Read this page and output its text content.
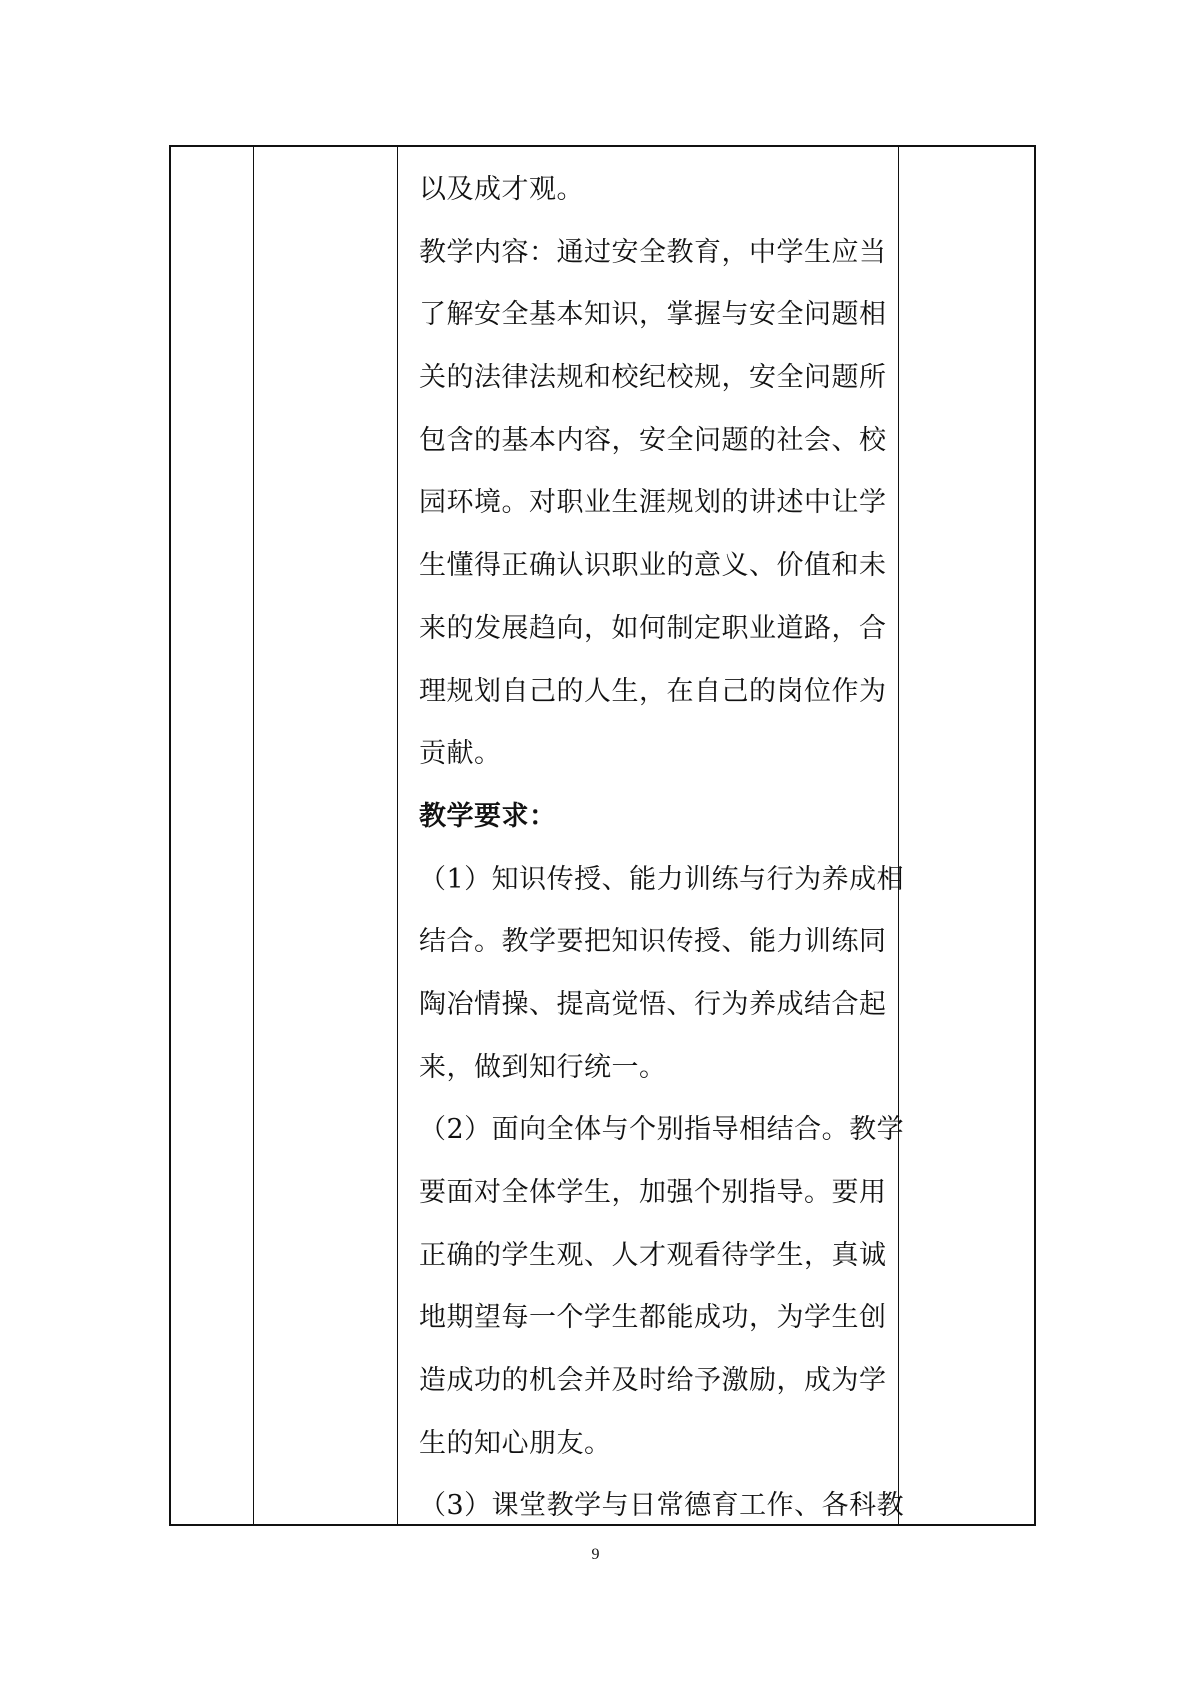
以及成才观。
教学内容：通过安全教育，中学生应当
了解安全基本知识，掌握与安全问题相
关的法律法规和校纪校规，安全问题所
包含的基本内容，安全问题的社会、校
园环境。对职业生涯规划的讲述中让学
生懂得正确认识职业的意义、价值和未
来的发展趋向，如何制定职业道路，合
理规划自己的人生，在自己的岗位作为
贡献。
教学要求：
（1）知识传授、能力训练与行为养成相
结合。教学要把知识传授、能力训练同
陶冶情操、提高觉悟、行为养成结合起
来，做到知行统一。
（2）面向全体与个别指导相结合。教学
要面对全体学生，加强个别指导。要用
正确的学生观、人才观看待学生，真诚
地期望每一个学生都能成功，为学生创
造成功的机会并及时给予激励，成为学
生的知心朋友。
（3）课堂教学与日常德育工作、各科教
9
